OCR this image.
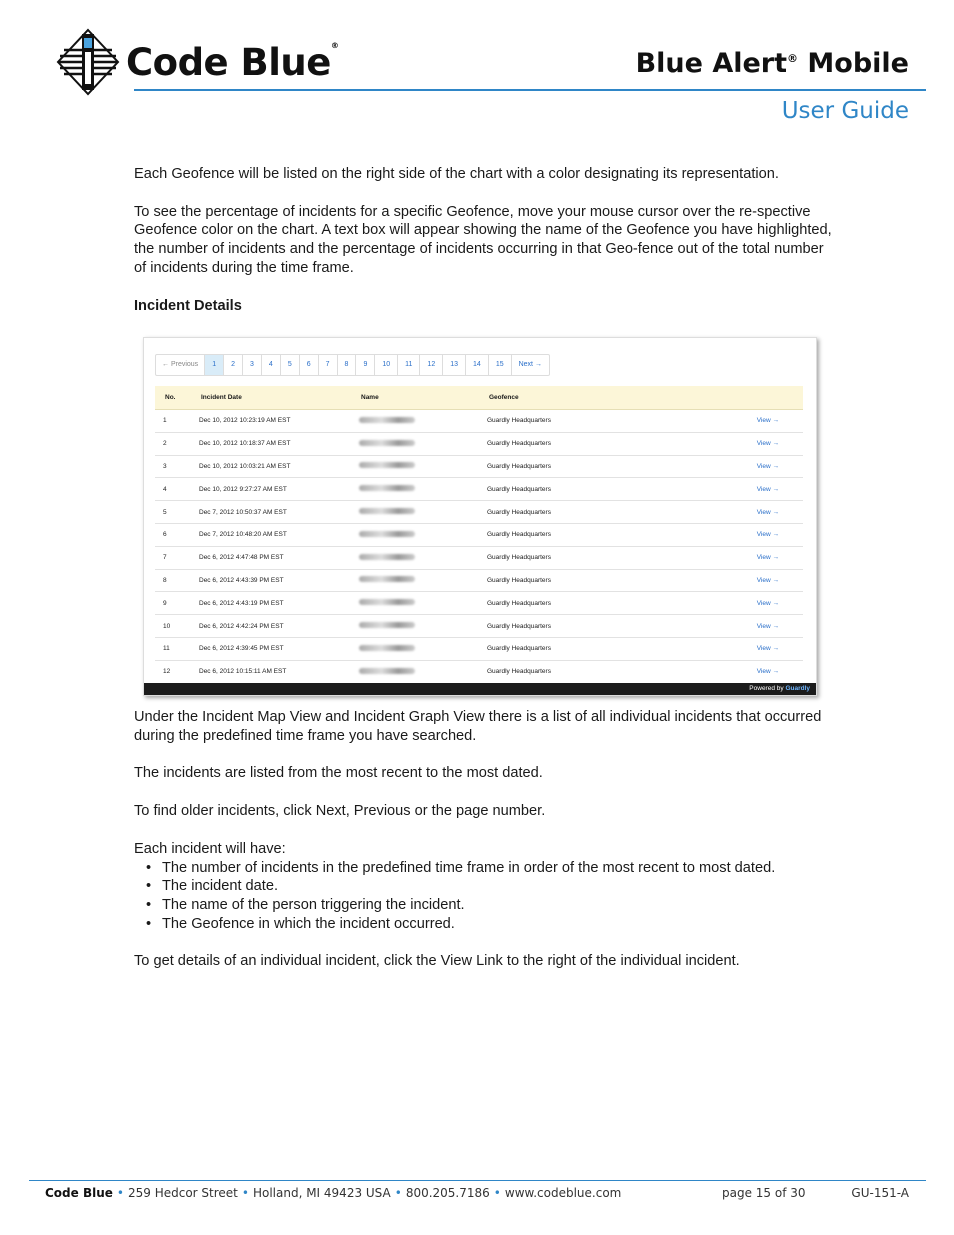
Code Blue®
Blue Alert® Mobile
User Guide

Each Geofence will be listed on the right side of the chart with a color designating its representation.

To see the percentage of incidents for a specific Geofence, move your mouse cursor over the re-spective Geofence color on the chart. A text box will appear showing the name of the Geofence you have highlighted, the number of incidents and the percentage of incidents occurring in that Geo-fence out of the total number of incidents during the time frame.

Incident Details

← Previous	1	2	3	4	5	6	7	8	9	10	11	12	13	14	15	Next →
No.	Incident Date	Name	Geofence	
1	Dec 10, 2012 10:23:19 AM EST		Guardly Headquarters	View →
2	Dec 10, 2012 10:18:37 AM EST		Guardly Headquarters	View →
3	Dec 10, 2012 10:03:21 AM EST		Guardly Headquarters	View →
4	Dec 10, 2012 9:27:27 AM EST		Guardly Headquarters	View →
5	Dec 7, 2012 10:50:37 AM EST		Guardly Headquarters	View →
6	Dec 7, 2012 10:48:20 AM EST		Guardly Headquarters	View →
7	Dec 6, 2012 4:47:48 PM EST		Guardly Headquarters	View →
8	Dec 6, 2012 4:43:39 PM EST		Guardly Headquarters	View →
9	Dec 6, 2012 4:43:19 PM EST		Guardly Headquarters	View →
10	Dec 6, 2012 4:42:24 PM EST		Guardly Headquarters	View →
11	Dec 6, 2012 4:39:45 PM EST		Guardly Headquarters	View →
12	Dec 6, 2012 10:15:11 AM EST		Guardly Headquarters	View →
Powered by Guardly

Under the Incident Map View and Incident Graph View there is a list of all individual incidents that occurred during the predefined time frame you have searched.

The incidents are listed from the most recent to the most dated.

To find older incidents, click Next, Previous or the page number.

Each incident will have:

• The number of incidents in the predefined time frame in order of the most recent to most dated.
• The incident date.
• The name of the person triggering the incident.
• The Geofence in which the incident occurred.

To get details of an individual incident, click the View Link to the right of the individual incident.

Code Blue • 259 Hedcor Street • Holland, MI 49423 USA • 800.205.7186 • www.codeblue.com	page 15 of 30	GU-151-A
